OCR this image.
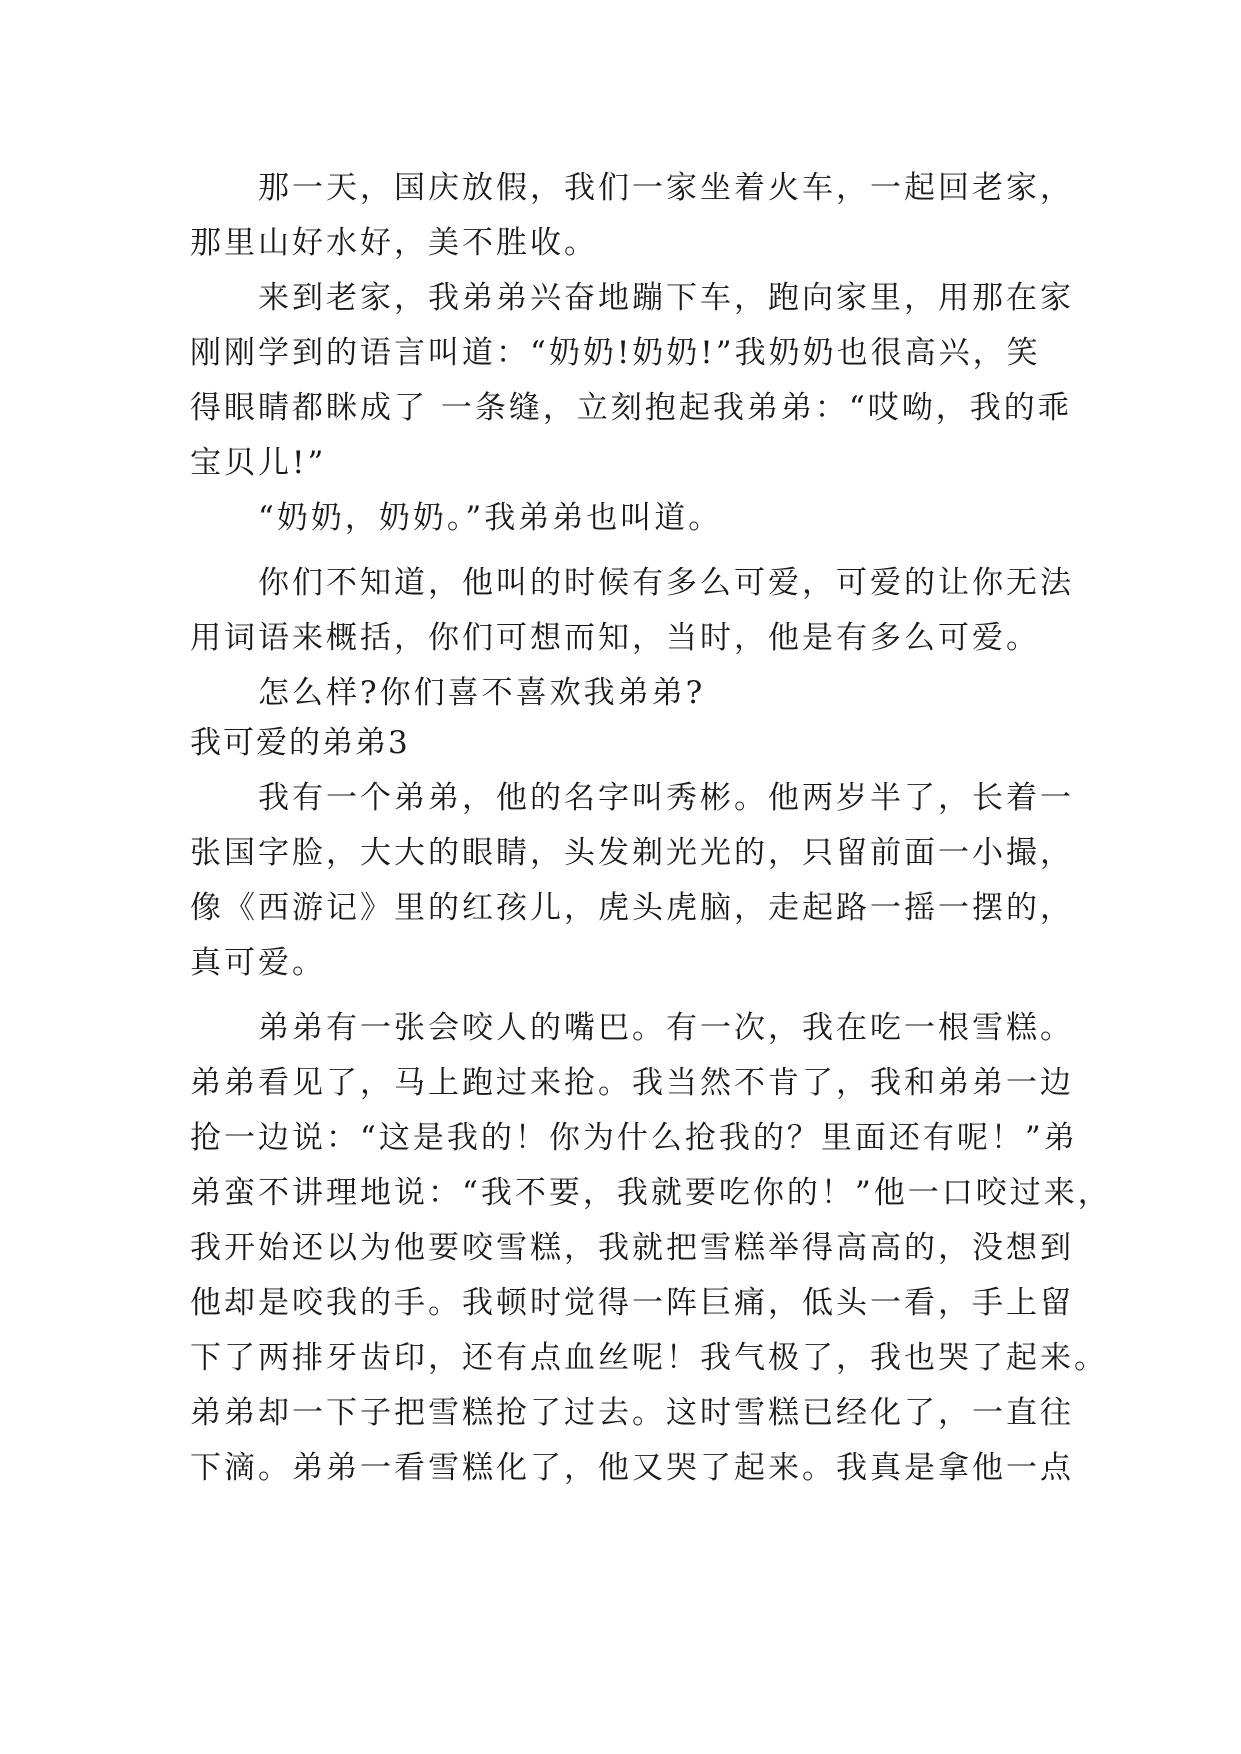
那一天，国庆放假，我们一家坐着火车，一起回老家，
那里山好水好，美不胜收。
来到老家，我弟弟兴奋地蹦下车，跑向家里，用那在家
刚刚学到的语言叫道：“奶奶!奶奶!”我奶奶也很高兴，笑
得眼睛都眯成了 一条缝，立刻抱起我弟弟：“哎呦，我的乖
宝贝儿!”
“奶奶，奶奶。”我弟弟也叫道。
你们不知道，他叫的时候有多么可爱，可爱的让你无法
用词语来概括，你们可想而知，当时，他是有多么可爱。
怎么样?你们喜不喜欢我弟弟?
我可爱的弟弟3
我有一个弟弟，他的名字叫秀彬。他两岁半了，长着一
张国字脸，大大的眼睛，头发剃光光的，只留前面一小撮，
像《西游记》里的红孩儿，虎头虎脑，走起路一摇一摆的，
真可爱。
弟弟有一张会咬人的嘴巴。有一次，我在吃一根雪糕。
弟弟看见了，马上跑过来抢。我当然不肯了，我和弟弟一边
抢一边说：“这是我的！你为什么抢我的？里面还有呢！”弟
弟蛮不讲理地说：“我不要，我就要吃你的！”他一口咬过来，
我开始还以为他要咬雪糕，我就把雪糕举得高高的，没想到
他却是咬我的手。我顿时觉得一阵巨痛，低头一看，手上留
下了两排牙齿印，还有点血丝呢！我气极了，我也哭了起来。
弟弟却一下子把雪糕抢了过去。这时雪糕已经化了，一直往
下滴。弟弟一看雪糕化了，他又哭了起来。我真是拿他一点
